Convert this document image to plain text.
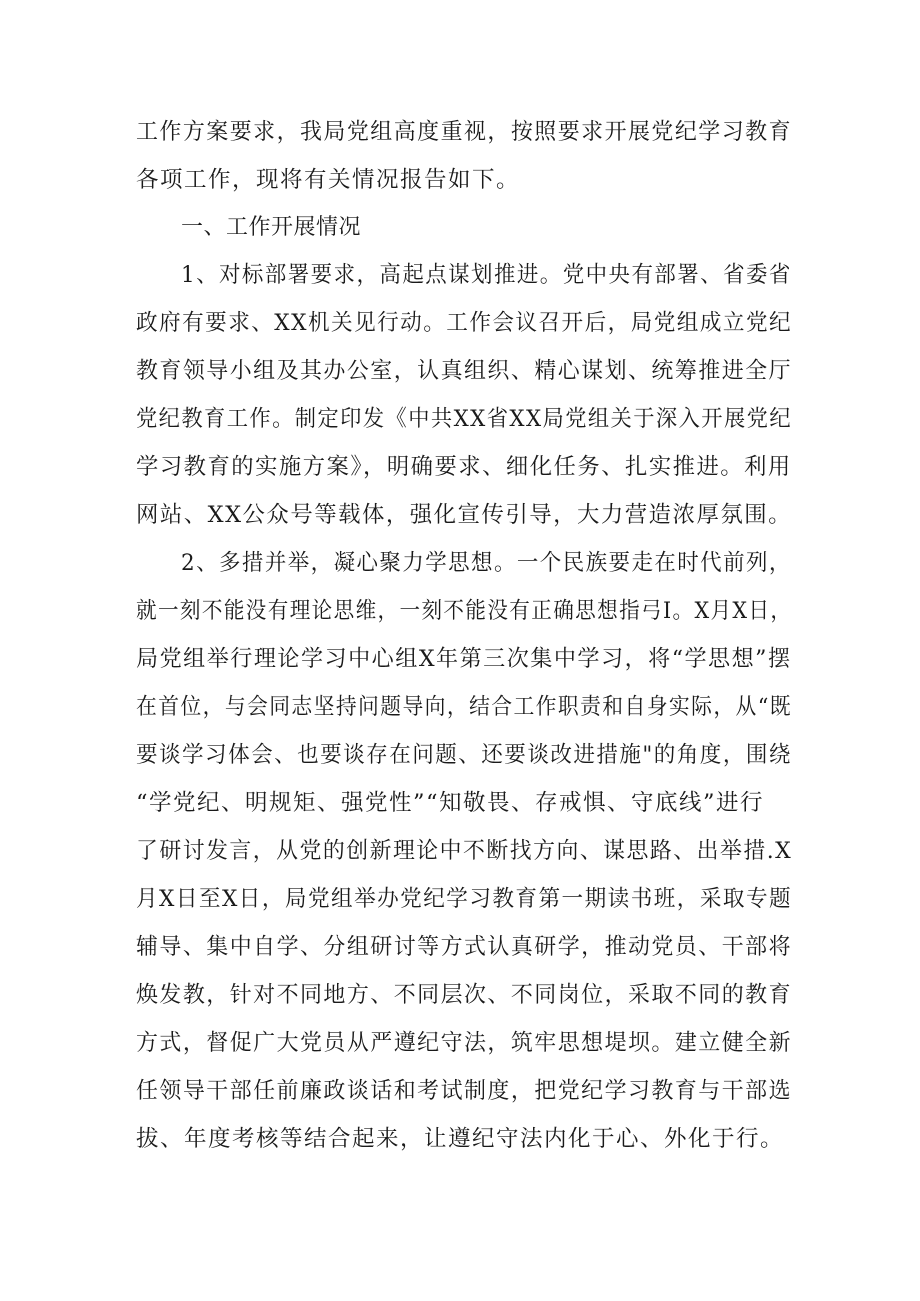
工作方案要求，我局党组高度重视，按照要求开展党纪学习教育

各项工作，现将有关情况报告如下。

一、工作开展情况

1、对标部署要求，高起点谋划推进。党中央有部署、省委省

政府有要求、XX机关见行动。工作会议召开后，局党组成立党纪

教育领导小组及其办公室，认真组织、精心谋划、统筹推进全厅

党纪教育工作。制定印发《中共XX省XX局党组关于深入开展党纪

学习教育的实施方案》，明确要求、细化任务、扎实推进。利用

网站、XX公众号等载体，强化宣传引导，大力营造浓厚氛围。

2、多措并举，凝心聚力学思想。一个民族要走在时代前列，

就一刻不能没有理论思维，一刻不能没有正确思想指弓I。X月X日，

局党组举行理论学习中心组X年第三次集中学习，将“学思想”摆

在首位，与会同志坚持问题导向，结合工作职责和自身实际，从“既

要谈学习体会、也要谈存在问题、还要谈改进措施"的角度，围绕

“学党纪、明规矩、强党性”“知敬畏、存戒惧、守底线”进行

了研讨发言，从党的创新理论中不断找方向、谋思路、出举措.X

月X日至X日，局党组举办党纪学习教育第一期读书班，采取专题

辅导、集中自学、分组研讨等方式认真研学，推动党员、干部将

焕发教，针对不同地方、不同层次、不同岗位，采取不同的教育

方式，督促广大党员从严遵纪守法，筑牢思想堤坝。建立健全新

任领导干部任前廉政谈话和考试制度，把党纪学习教育与干部选

拔、年度考核等结合起来，让遵纪守法内化于心、外化于行。
